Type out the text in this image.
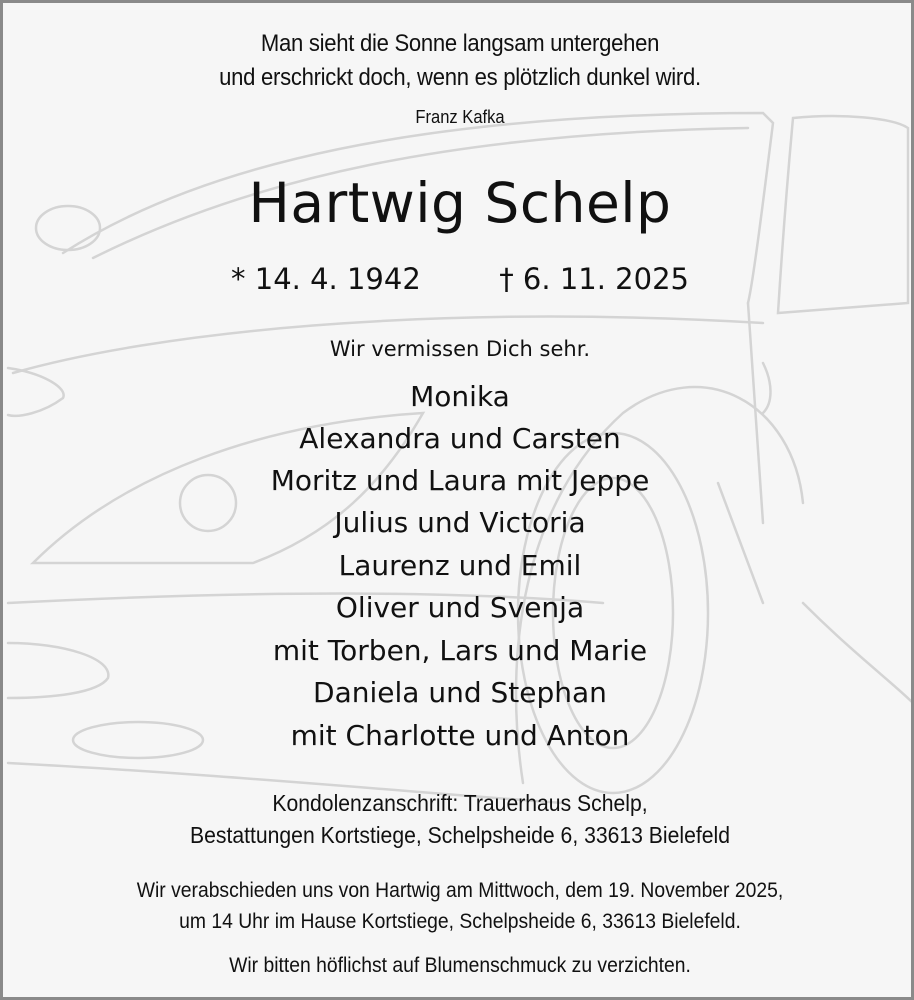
Man sieht die Sonne langsam untergehen
und erschrickt doch, wenn es plötzlich dunkel wird.
Franz Kafka
Hartwig Schelp
* 14. 4. 1942	† 6. 11. 2025
Wir vermissen Dich sehr.
Monika
Alexandra und Carsten
Moritz und Laura mit Jeppe
Julius und Victoria
Laurenz und Emil
Oliver und Svenja
mit Torben, Lars und Marie
Daniela und Stephan
mit Charlotte und Anton
Kondolenzanschrift: Trauerhaus Schelp,
Bestattungen Kortstiege, Schelpsheide 6, 33613 Bielefeld
Wir verabschieden uns von Hartwig am Mittwoch, dem 19. November 2025,
um 14 Uhr im Hause Kortstiege, Schelpsheide 6, 33613 Bielefeld.
Wir bitten höflichst auf Blumenschmuck zu verzichten.
